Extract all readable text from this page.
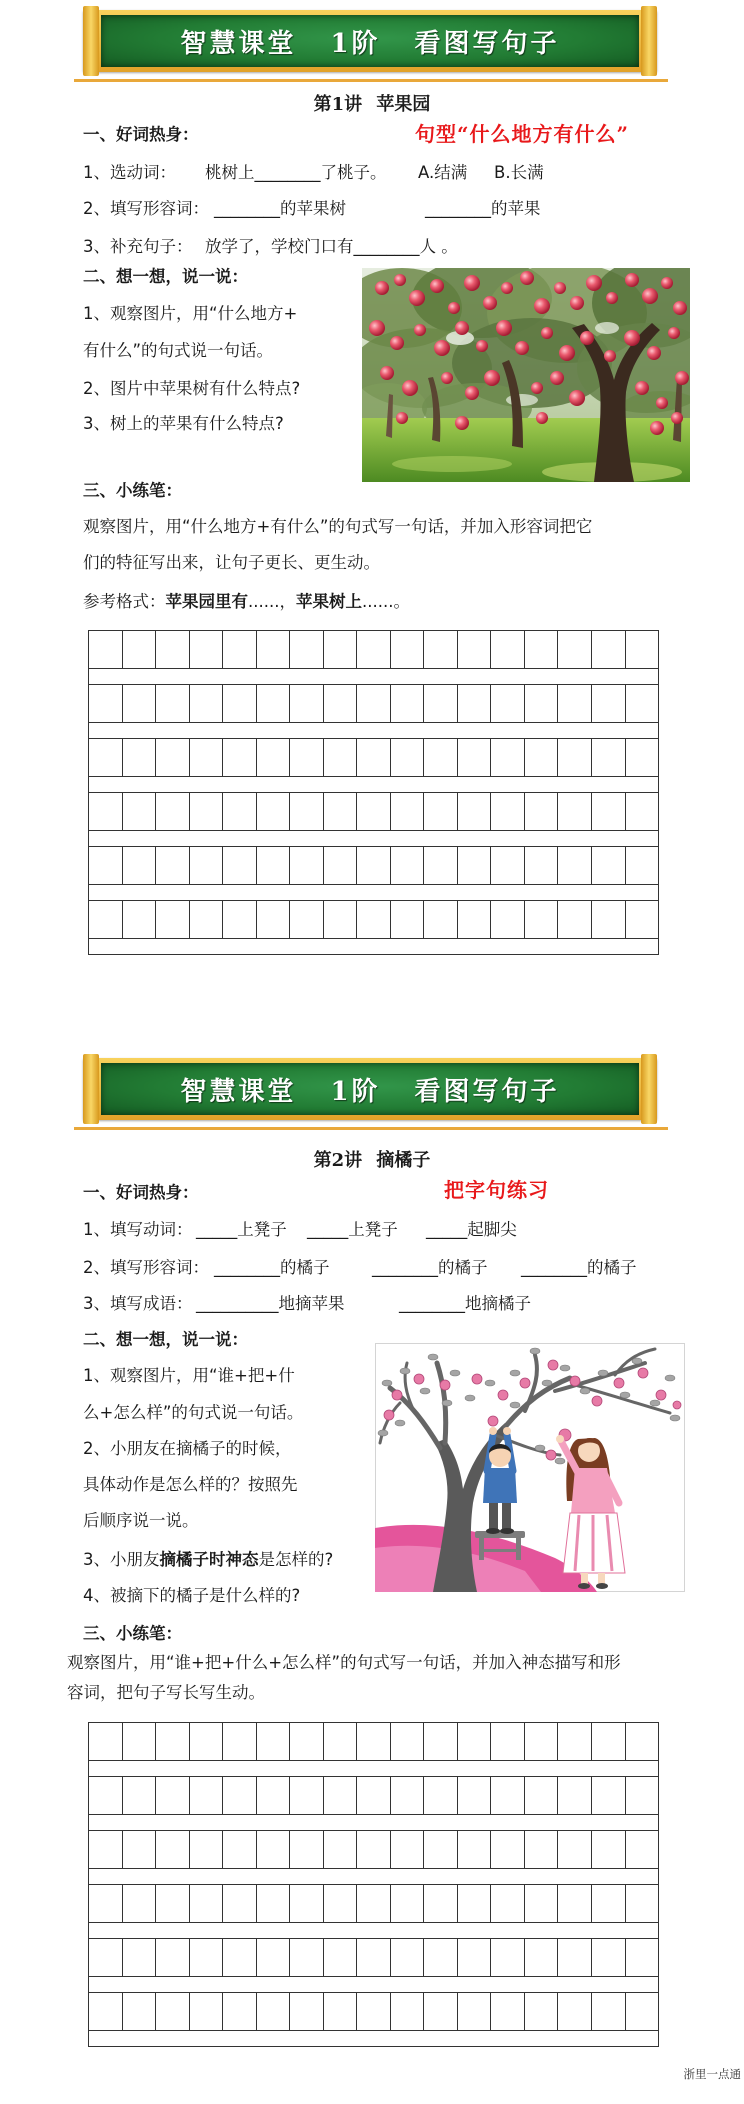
智慧课堂 1阶 看图写句子
第1讲 苹果园
一、好词热身：	句型“什么地方有什么”
1、选动词： 桃树上________了桃子。 A.结满 B.长满
2、填写形容词： ________的苹果树	________的苹果
3、补充句子： 放学了，学校门口有________人 。
二、想一想，说一说：
1、观察图片，用“什么地方+
有什么”的句式说一句话。
2、图片中苹果树有什么特点?
3、树上的苹果有什么特点?
三、小练笔：
观察图片，用“什么地方+有什么”的句式写一句话，并加入形容词把它
们的特征写出来，让句子更长、更生动。
参考格式：苹果园里有......，苹果树上......。
智慧课堂 1阶 看图写句子
第2讲 摘橘子
一、好词热身：	把字句练习
1、填写动词： _____上凳子 _____上凳子 _____起脚尖
2、填写形容词： ________的橘子	________的橘子 ________的橘子
3、填写成语： __________地摘苹果	________地摘橘子
二、想一想，说一说：
1、观察图片，用“谁+把+什
么+怎么样”的句式说一句话。
2、小朋友在摘橘子的时候，
具体动作是怎么样的？按照先
后顺序说一说。
3、小朋友摘橘子时神态是怎样的?
4、被摘下的橘子是什么样的?
三、小练笔：
观察图片，用“谁+把+什么+怎么样”的句式写一句话，并加入神态描写和形
容词，把句子写长写生动。
浙里一点通
